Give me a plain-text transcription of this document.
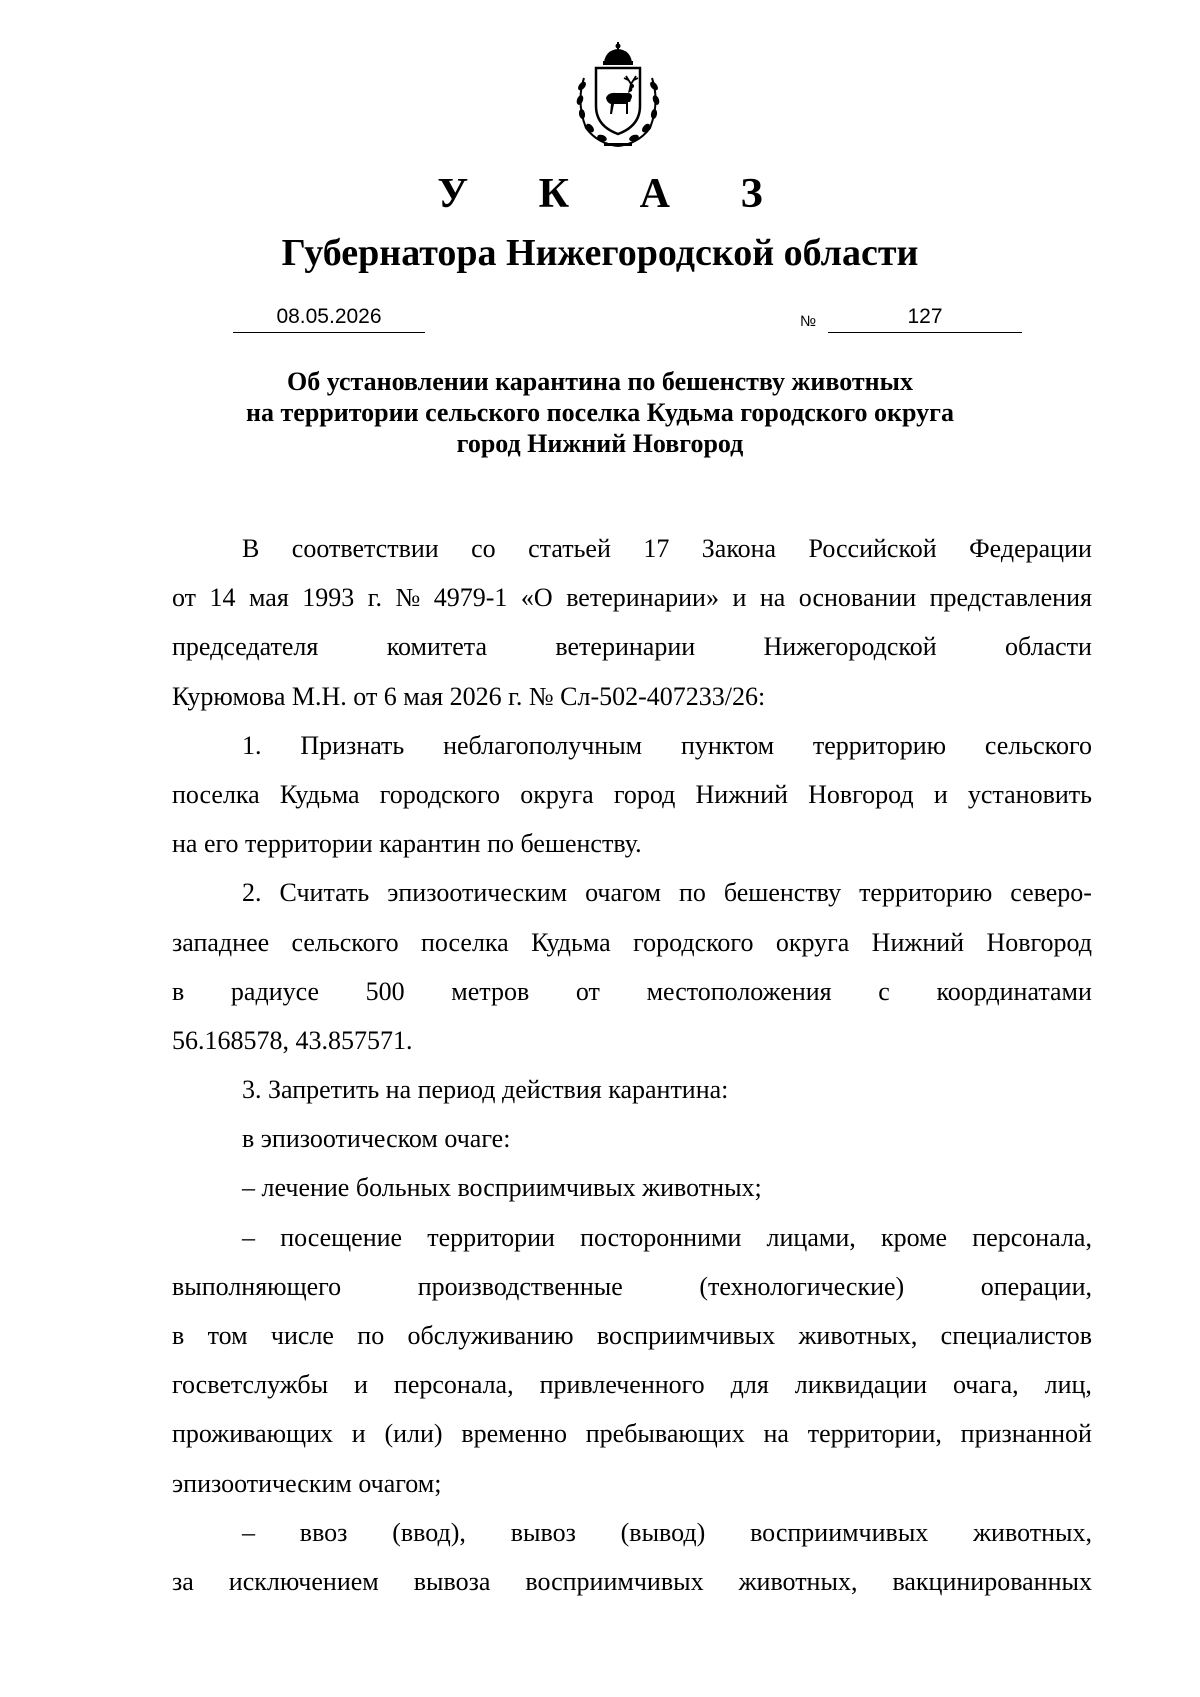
У К А З
Губернатора Нижегородской области
08.05.2026	№	127
Об установлении карантина по бешенству животных
на территории сельского поселка Кудьма городского округа
город Нижний Новгород
В соответствии со статьей 17 Закона Российской Федерации
от 14 мая 1993 г. № 4979-1 «О ветеринарии» и на основании представления
председателя	комитета	ветеринарии	Нижегородской	области
Курюмова М.Н. от 6 мая 2026 г. № Сл-502-407233/26:
1. Признать неблагополучным пунктом территорию сельского
поселка Кудьма городского округа город Нижний Новгород и установить
на его территории карантин по бешенству.
2. Считать эпизоотическим очагом по бешенству территорию северо-
западнее сельского поселка Кудьма городского округа Нижний Новгород
в радиусе 500 метров от местоположения с координатами
56.168578, 43.857571.
3. Запретить на период действия карантина:
в эпизоотическом очаге:
– лечение больных восприимчивых животных;
– посещение территории посторонними лицами, кроме персонала,
выполняющего	производственные	(технологические)	операции,
в том числе по обслуживанию восприимчивых животных, специалистов
госветслужбы и персонала, привлеченного для ликвидации очага, лиц,
проживающих и (или) временно пребывающих на территории, признанной
эпизоотическим очагом;
– ввоз (ввод), вывоз (вывод) восприимчивых животных,
за исключением вывоза восприимчивых животных, вакцинированных
